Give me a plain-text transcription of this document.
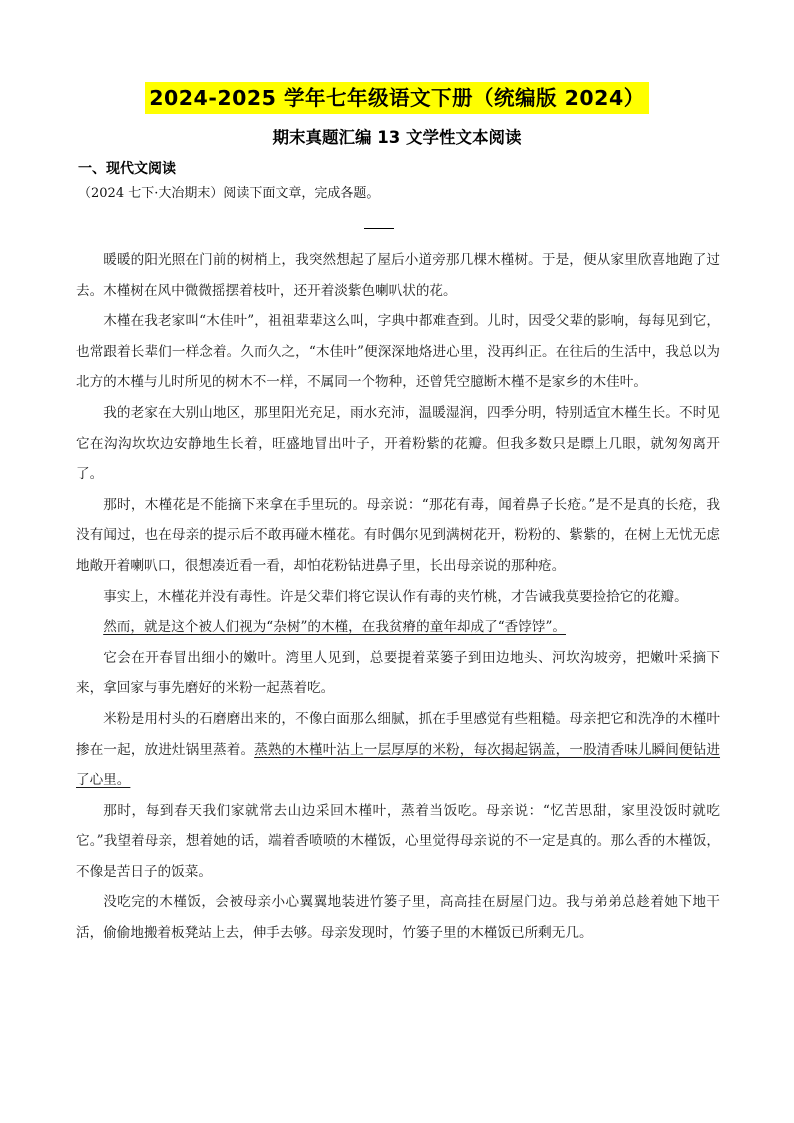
2024-2025 学年七年级语文下册（统编版 2024）
期末真题汇编 13 文学性文本阅读
一、现代文阅读
（2024 七下·大冶期末）阅读下面文章，完成各题。

暖暖的阳光照在门前的树梢上，我突然想起了屋后小道旁那几棵木槿树。于是，便从家里欣喜地跑了过去。木槿树在风中微微摇摆着枝叶，还开着淡紫色喇叭状的花。

木槿在我老家叫“木佳叶”，祖祖辈辈这么叫，字典中都难查到。儿时，因受父辈的影响，每每见到它，也常跟着长辈们一样念着。久而久之，“木佳叶”便深深地烙进心里，没再纠正。在往后的生活中，我总以为北方的木槿与儿时所见的树木不一样，不属同一个物种，还曾凭空臆断木槿不是家乡的木佳叶。

我的老家在大别山地区，那里阳光充足，雨水充沛，温暖湿润，四季分明，特别适宜木槿生长。不时见它在沟沟坎坎边安静地生长着，旺盛地冒出叶子，开着粉紫的花瓣。但我多数只是瞟上几眼，就匆匆离开了。

那时，木槿花是不能摘下来拿在手里玩的。母亲说：“那花有毒，闻着鼻子长疮。”是不是真的长疮，我没有闻过，也在母亲的提示后不敢再碰木槿花。有时偶尔见到满树花开，粉粉的、紫紫的，在树上无忧无虑地敞开着喇叭口，很想凑近看一看，却怕花粉钻进鼻子里，长出母亲说的那种疮。

事实上，木槿花并没有毒性。许是父辈们将它误认作有毒的夹竹桃，才告诫我莫要捡拾它的花瓣。

然而，就是这个被人们视为“杂树”的木槿，在我贫瘠的童年却成了“香饽饽”。

它会在开春冒出细小的嫩叶。湾里人见到，总要提着菜篓子到田边地头、河坎沟坡旁，把嫩叶采摘下来，拿回家与事先磨好的米粉一起蒸着吃。

米粉是用村头的石磨磨出来的，不像白面那么细腻，抓在手里感觉有些粗糙。母亲把它和洗净的木槿叶掺在一起，放进灶锅里蒸着。蒸熟的木槿叶沾上一层厚厚的米粉，每次揭起锅盖，一股清香味儿瞬间便钻进了心里。

那时，每到春天我们家就常去山边采回木槿叶，蒸着当饭吃。母亲说：“忆苦思甜，家里没饭时就吃它。”我望着母亲，想着她的话，端着香喷喷的木槿饭，心里觉得母亲说的不一定是真的。那么香的木槿饭，不像是苦日子的饭菜。

没吃完的木槿饭，会被母亲小心翼翼地装进竹篓子里，高高挂在厨屋门边。我与弟弟总趁着她下地干活，偷偷地搬着板凳站上去，伸手去够。母亲发现时，竹篓子里的木槿饭已所剩无几。
